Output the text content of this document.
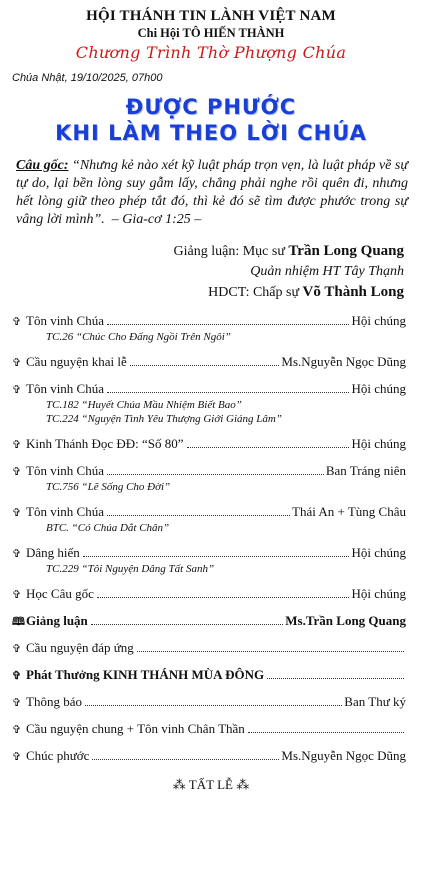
HỘI THÁNH TIN LÀNH VIỆT NAM
Chi Hội TÔ HIẾN THÀNH
Chương Trình Thờ Phượng Chúa
Chúa Nhật, 19/10/2025, 07h00
ĐƯỢC PHƯỚC
KHI LÀM THEO LỜI CHÚA
Câu gốc: “Nhưng kẻ nào xét kỹ luật pháp trọn vẹn, là luật pháp về sự tự do, lại bền lòng suy gẫm lấy, chẳng phải nghe rồi quên đi, nhưng hết lòng giữ theo phép tắt đó, thì kẻ đó sẽ tìm được phước trong sự vâng lời mình”. – Gia-cơ 1:25 –
Giảng luận: Mục sư Trần Long Quang
Quản nhiệm HT Tây Thạnh
HDCT: Chấp sự Võ Thành Long
✞ Tôn vinh Chúa	Hội chúng
TC.26 “Chúc Cho Đấng Ngồi Trên Ngôi”
✞ Cầu nguyện khai lễ	Ms.Nguyễn Ngọc Dũng
✞ Tôn vinh Chúa	Hội chúng
TC.182 “Huyết Chúa Mầu Nhiệm Biết Bao”
TC.224 “Nguyện Tình Yêu Thượng Giới Giáng Lâm”
✞ Kinh Thánh Đọc ĐĐ: “Số 80”	Hội chúng
✞ Tôn vinh Chúa	Ban Tráng niên
TC.756 “Lẽ Sống Cho Đời”
✞ Tôn vinh Chúa	Thái An + Tùng Châu
BTC. “Có Chúa Dắt Chân”
✞ Dâng hiến	Hội chúng
TC.229 “Tôi Nguyện Dâng Tất Sanh”
✞ Học Câu gốc	Hội chúng
🕮 Giảng luận	Ms.Trần Long Quang
✞ Cầu nguyện đáp ứng
✞ Phát Thưởng KINH THÁNH MÙA ĐÔNG
✞ Thông báo	Ban Thư ký
✞ Cầu nguyện chung + Tôn vinh Chân Thần
✞ Chúc phước	Ms.Nguyễn Ngọc Dũng
⁂ TẤT LỄ ⁂
